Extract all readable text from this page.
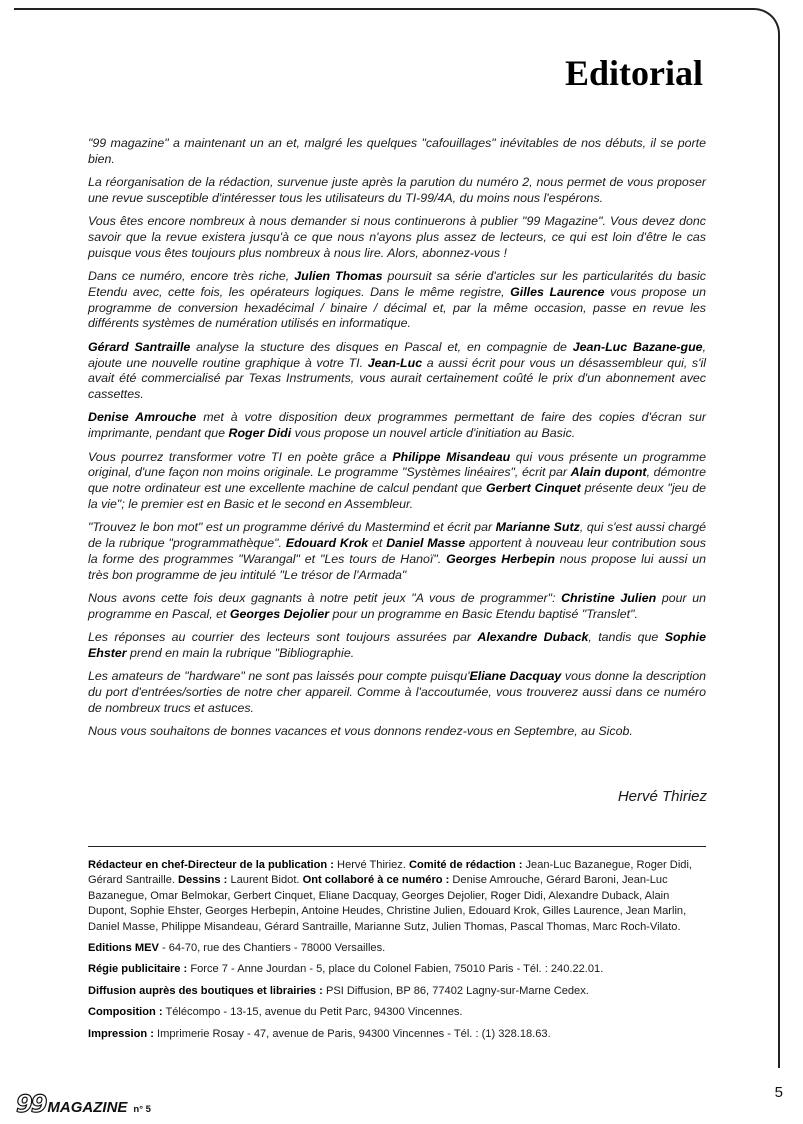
Editorial

"99 magazine" a maintenant un an et, malgré les quelques "cafouillages" inévitables de nos débuts, il se porte bien.

La réorganisation de la rédaction, survenue juste après la parution du numéro 2, nous permet de vous proposer une revue susceptible d'intéresser tous les utilisateurs du TI-99/4A, du moins nous l'espérons.

Vous êtes encore nombreux à nous demander si nous continuerons à publier "99 Magazine". Vous devez donc savoir que la revue existera jusqu'à ce que nous n'ayons plus assez de lecteurs, ce qui est loin d'être le cas puisque vous êtes toujours plus nombreux à nous lire. Alors, abonnez-vous !

Dans ce numéro, encore très riche, Julien Thomas poursuit sa série d'articles sur les particularités du basic Etendu avec, cette fois, les opérateurs logiques. Dans le même registre, Gilles Laurence vous propose un programme de conversion hexadécimal / binaire / décimal et, par la même occasion, passe en revue les différents systèmes de numération utilisés en informatique.

Gérard Santraille analyse la stucture des disques en Pascal et, en compagnie de Jean-Luc Bazane-gue, ajoute une nouvelle routine graphique à votre TI. Jean-Luc a aussi écrit pour vous un désassembleur qui, s'il avait été commercialisé par Texas Instruments, vous aurait certainement coûté le prix d'un abonnement avec cassettes.

Denise Amrouche met à votre disposition deux programmes permettant de faire des copies d'écran sur imprimante, pendant que Roger Didi vous propose un nouvel article d'initiation au Basic.

Vous pourrez transformer votre TI en poète grâce a Philippe Misandeau qui vous présente un programme original, d'une façon non moins originale. Le programme "Systèmes linéaires", écrit par Alain dupont, démontre que notre ordinateur est une excellente machine de calcul pendant que Gerbert Cinquet présente deux "jeu de la vie"; le premier est en Basic et le second en Assembleur.

"Trouvez le bon mot" est un programme dérivé du Mastermind et écrit par Marianne Sutz, qui s'est aussi chargé de la rubrique "programmathèque". Edouard Krok et Daniel Masse apportent à nouveau leur contribution sous la forme des programmes "Warangal" et "Les tours de Hanoï". Georges Herbepin nous propose lui aussi un très bon programme de jeu intitulé "Le trésor de l'Armada"

Nous avons cette fois deux gagnants à notre petit jeux "A vous de programmer": Christine Julien pour un programme en Pascal, et Georges Dejolier pour un programme en Basic Etendu baptisé "Translet".

Les réponses au courrier des lecteurs sont toujours assurées par Alexandre Duback, tandis que Sophie Ehster prend en main la rubrique "Bibliographie.

Les amateurs de "hardware" ne sont pas laissés pour compte puisqu'Eliane Dacquay vous donne la description du port d'entrées/sorties de notre cher appareil. Comme à l'accoutumée, vous trouverez aussi dans ce numéro de nombreux trucs et astuces.

Nous vous souhaitons de bonnes vacances et vous donnons rendez-vous en Septembre, au Sicob.

Hervé Thiriez

Rédacteur en chef-Directeur de la publication : Hervé Thiriez. Comité de rédaction : Jean-Luc Bazanegue, Roger Didi, Gérard Santraille. Dessins : Laurent Bidot. Ont collaboré à ce numéro : Denise Amrouche, Gérard Baroni, Jean-Luc Bazanegue, Omar Belmokar, Gerbert Cinquet, Eliane Dacquay, Georges Dejolier, Roger Didi, Alexandre Duback, Alain Dupont, Sophie Ehster, Georges Herbepin, Antoine Heudes, Christine Julien, Edouard Krok, Gilles Laurence, Jean Marlin, Daniel Masse, Philippe Misandeau, Gérard Santraille, Marianne Sutz, Julien Thomas, Pascal Thomas, Marc Roch-Vilato.

Editions MEV - 64-70, rue des Chantiers - 78000 Versailles.

Régie publicitaire : Force 7 - Anne Jourdan - 5, place du Colonel Fabien, 75010 Paris - Tél. : 240.22.01.

Diffusion auprès des boutiques et librairies : PSI Diffusion, BP 86, 77402 Lagny-sur-Marne Cedex.

Composition : Télécompo - 13-15, avenue du Petit Parc, 94300 Vincennes.

Impression : Imprimerie Rosay - 47, avenue de Paris, 94300 Vincennes - Tél. : (1) 328.18.63.

99 MAGAZINE n° 5
5
